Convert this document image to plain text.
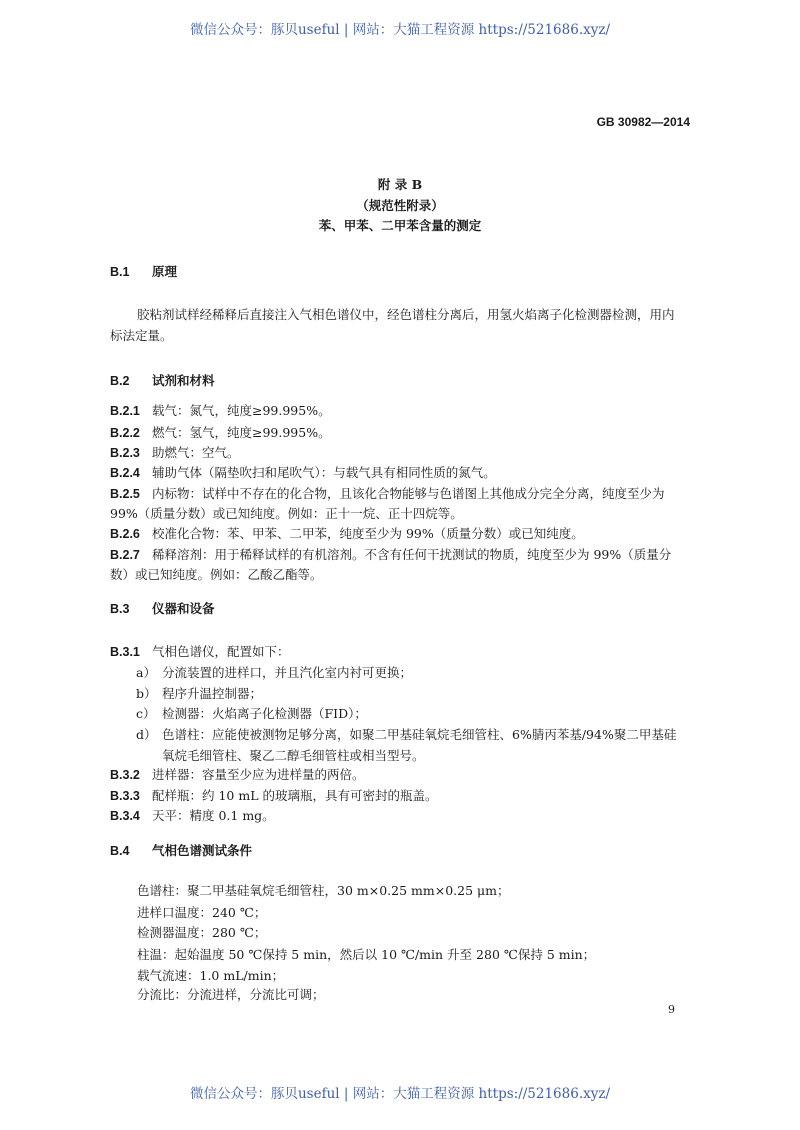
微信公众号：豚贝useful | 网站：大猫工程资源 https://521686.xyz/
GB 30982—2014
附 录 B
（规范性附录）
苯、甲苯、二甲苯含量的测定
B.1 原理
胶粘剂试样经稀释后直接注入气相色谱仪中，经色谱柱分离后，用氢火焰离子化检测器检测，用内
标法定量。
B.2 试剂和材料
B.2.1 载气：氮气，纯度≥99.995%。
B.2.2 燃气：氢气，纯度≥99.995%。
B.2.3 助燃气：空气。
B.2.4 辅助气体（隔垫吹扫和尾吹气）：与载气具有相同性质的氮气。
B.2.5 内标物：试样中不存在的化合物，且该化合物能够与色谱图上其他成分完全分离，纯度至少为
99%（质量分数）或已知纯度。例如：正十一烷、正十四烷等。
B.2.6 校准化合物：苯、甲苯、二甲苯，纯度至少为 99%（质量分数）或已知纯度。
B.2.7 稀释溶剂：用于稀释试样的有机溶剂。不含有任何干扰测试的物质，纯度至少为 99%（质量分
数）或已知纯度。例如：乙酸乙酯等。
B.3 仪器和设备
B.3.1 气相色谱仪，配置如下：
a） 分流装置的进样口，并且汽化室内衬可更换；
b） 程序升温控制器；
c） 检测器：火焰离子化检测器（FID）；
d） 色谱柱：应能使被测物足够分离，如聚二甲基硅氧烷毛细管柱、6%腈丙苯基/94%聚二甲基硅
氧烷毛细管柱、聚乙二醇毛细管柱或相当型号。
B.3.2 进样器：容量至少应为进样量的两倍。
B.3.3 配样瓶：约 10 mL 的玻璃瓶，具有可密封的瓶盖。
B.3.4 天平：精度 0.1 mg。
B.4 气相色谱测试条件
色谱柱：聚二甲基硅氧烷毛细管柱，30 m×0.25 mm×0.25 μm；
进样口温度：240 ℃；
检测器温度：280 ℃；
柱温：起始温度 50 ℃保持 5 min，然后以 10 ℃/min 升至 280 ℃保持 5 min；
载气流速：1.0 mL/min；
分流比：分流进样，分流比可调；
9
微信公众号：豚贝useful | 网站：大猫工程资源 https://521686.xyz/
